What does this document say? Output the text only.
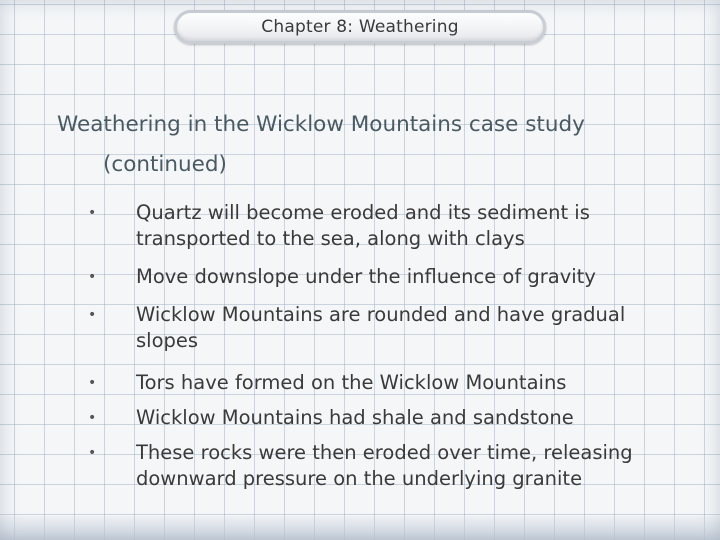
Chapter 8: Weathering
Weathering in the Wicklow Mountains case study
(continued)
• Quartz will become eroded and its sediment is transported to the sea, along with clays
• Move downslope under the influence of gravity
• Wicklow Mountains are rounded and have gradual slopes
• Tors have formed on the Wicklow Mountains
• Wicklow Mountains had shale and sandstone
• These rocks were then eroded over time, releasing downward pressure on the underlying granite
